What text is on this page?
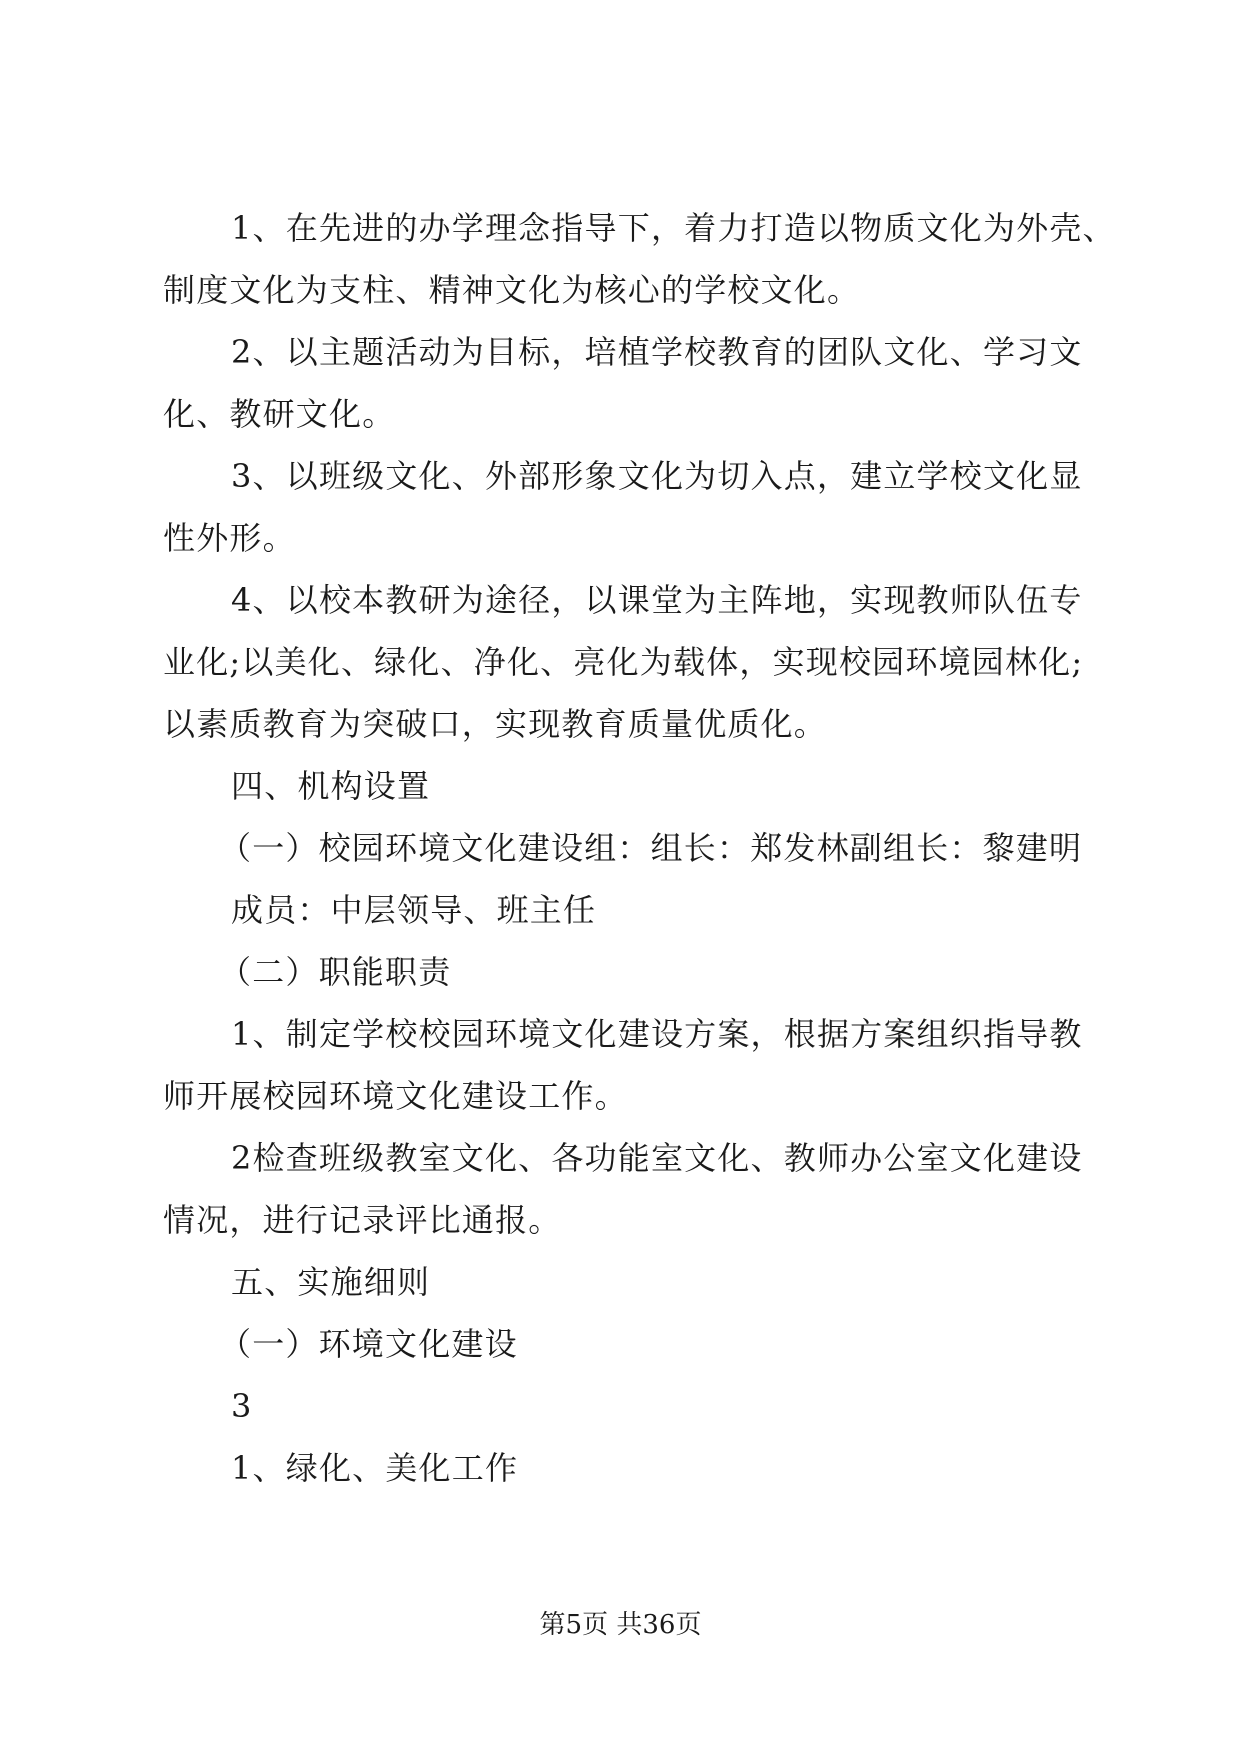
1、在先进的办学理念指导下，着力打造以物质文化为外壳、
制度文化为支柱、精神文化为核心的学校文化。
2、以主题活动为目标，培植学校教育的团队文化、学习文
化、教研文化。
3、以班级文化、外部形象文化为切入点，建立学校文化显
性外形。
4、以校本教研为途径，以课堂为主阵地，实现教师队伍专
业化;以美化、绿化、净化、亮化为载体，实现校园环境园林化;
以素质教育为突破口，实现教育质量优质化。
四、机构设置
（一）校园环境文化建设组：组长：郑发林副组长：黎建明
成员：中层领导、班主任
（二）职能职责
1、制定学校校园环境文化建设方案，根据方案组织指导教
师开展校园环境文化建设工作。
2检查班级教室文化、各功能室文化、教师办公室文化建设
情况，进行记录评比通报。
五、实施细则
（一）环境文化建设
3
1、绿化、美化工作
第5页 共36页
